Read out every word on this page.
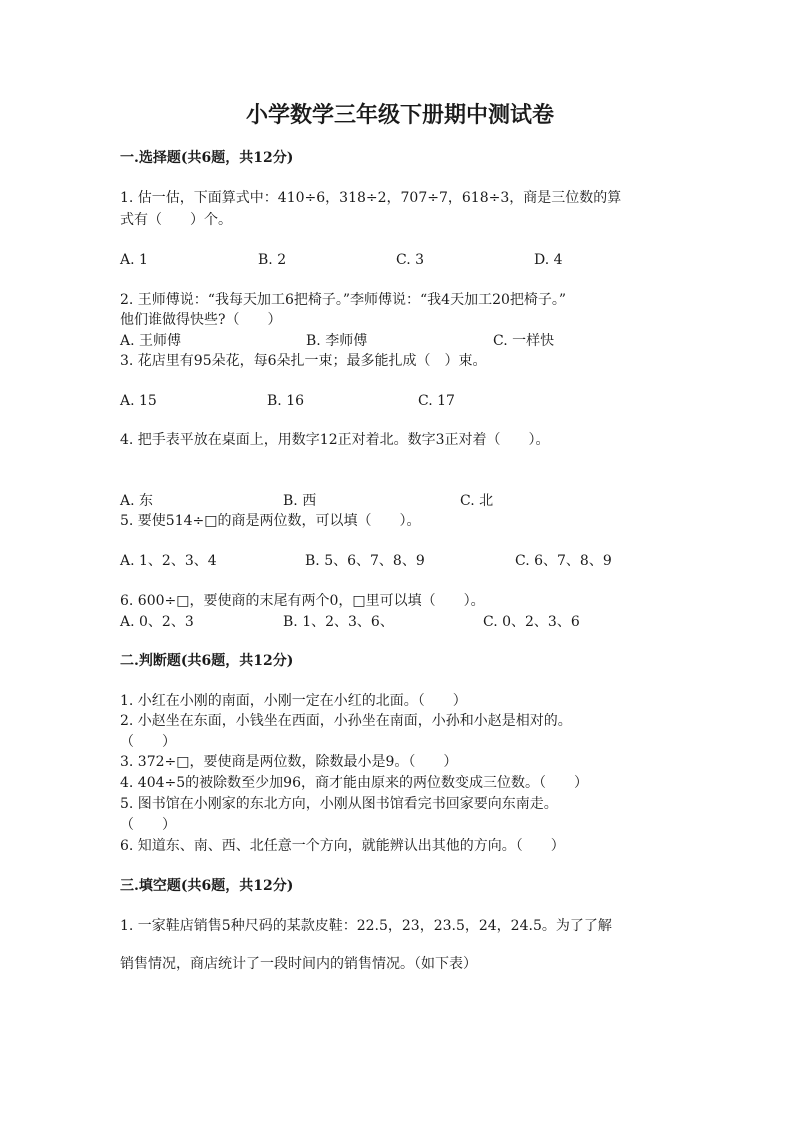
小学数学三年级下册期中测试卷
一.选择题(共6题，共12分)
1. 估一估，下面算式中：410÷6，318÷2，707÷7，618÷3，商是三位数的算
式有（　　）个。
A. 1	B. 2	C. 3	D. 4
2. 王师傅说：“我每天加工6把椅子。”李师傅说：“我4天加工20把椅子。”
他们谁做得快些?（　　）
A. 王师傅	B. 李师傅	C. 一样快
3. 花店里有95朵花，每6朵扎一束；最多能扎成（　）束。
A. 15	B. 16	C. 17
4. 把手表平放在桌面上，用数字12正对着北。数字3正对着（　　）。
A. 东	B. 西	C. 北
5. 要使514÷□的商是两位数，可以填（　　）。
A. 1、2、3、4	B. 5、6、7、8、9	C. 6、7、8、9
6. 600÷□，要使商的末尾有两个0，□里可以填（　　）。
A. 0、2、3	B. 1、2、3、6、	C. 0、2、3、6
二.判断题(共6题，共12分)
1. 小红在小刚的南面，小刚一定在小红的北面。（　　）
2. 小赵坐在东面，小钱坐在西面，小孙坐在南面，小孙和小赵是相对的。
（　　）
3. 372÷□，要使商是两位数，除数最小是9。（　　）
4. 404÷5的被除数至少加96，商才能由原来的两位数变成三位数。（　　）
5. 图书馆在小刚家的东北方向，小刚从图书馆看完书回家要向东南走。
（　　）
6. 知道东、南、西、北任意一个方向，就能辨认出其他的方向。（　　）
三.填空题(共6题，共12分)
1. 一家鞋店销售5种尺码的某款皮鞋：22.5，23，23.5，24，24.5。为了了解
销售情况，商店统计了一段时间内的销售情况。（如下表）
